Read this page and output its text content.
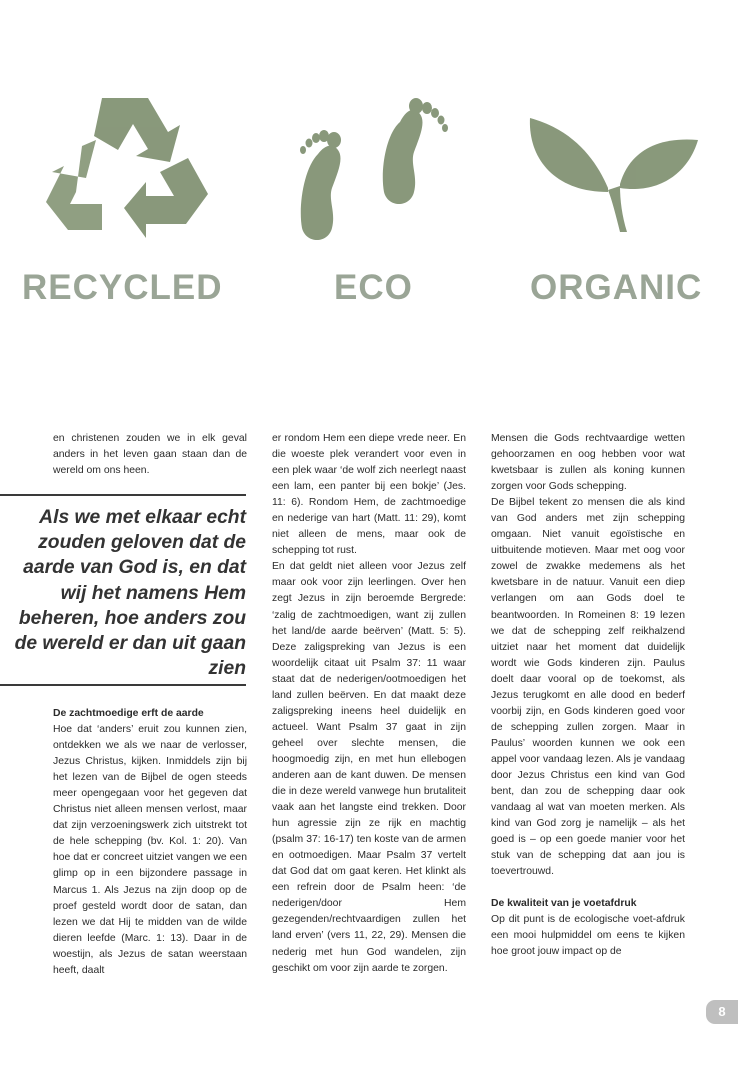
RECYCLED	ECO	ORGANIC

en christenen zouden we in elk geval anders in het leven gaan staan dan de wereld om ons heen.

Als we met elkaar echt zouden geloven dat de aarde van God is, en dat wij het namens Hem beheren, hoe anders zou de wereld er dan uit gaan zien
De zachtmoedige erft de aarde

Hoe dat ‘anders’ eruit zou kunnen zien, ontdekken we als we naar de verlosser, Jezus Christus, kijken. Inmiddels zijn bij het lezen van de Bijbel de ogen steeds meer opengegaan voor het gegeven dat Christus niet alleen mensen verlost, maar dat zijn verzoeningswerk zich uitstrekt tot de hele schepping (bv. Kol. 1: 20). Van hoe dat er concreet uitziet vangen we een glimp op in een bijzondere passage in Marcus 1. Als Jezus na zijn doop op de proef gesteld wordt door de satan, dan lezen we dat Hij te midden van de wilde dieren leefde (Marc. 1: 13). Daar in de woestijn, als Jezus de satan weerstaan heeft, daalt

er rondom Hem een diepe vrede neer. En die woeste plek verandert voor even in een plek waar ‘de wolf zich neerlegt naast een lam, een panter bij een bokje’ (Jes. 11: 6). Rondom Hem, de zachtmoedige en nederige van hart (Matt. 11: 29), komt niet alleen de mens, maar ook de schepping tot rust.

En dat geldt niet alleen voor Jezus zelf maar ook voor zijn leerlingen. Over hen zegt Jezus in zijn beroemde Bergrede: ‘zalig de zachtmoedigen, want zij zullen het land/de aarde beërven’ (Matt. 5: 5). Deze zaligspreking van Jezus is een woordelijk citaat uit Psalm 37: 11 waar staat dat de nederigen/ootmoedigen het land zullen beërven. En dat maakt deze zaligspreking ineens heel duidelijk en actueel. Want Psalm 37 gaat in zijn geheel over slechte mensen, die hoogmoedig zijn, en met hun ellebogen anderen aan de kant duwen. De mensen die in deze wereld vanwege hun brutaliteit vaak aan het langste eind trekken. Door hun agressie zijn ze rijk en machtig (psalm 37: 16-17) ten koste van de armen en ootmoedigen. Maar Psalm 37 vertelt dat God dat om gaat keren. Het klinkt als een refrein door de Psalm heen: ‘de nederigen/door Hem gezegenden/rechtvaardigen zullen het land erven’ (vers 11, 22, 29). Mensen die nederig met hun God wandelen, zijn geschikt om voor zijn aarde te zorgen.

Mensen die Gods rechtvaardige wetten gehoorzamen en oog hebben voor wat kwetsbaar is zullen als koning kunnen zorgen voor Gods schepping.

De Bijbel tekent zo mensen die als kind van God anders met zijn schepping omgaan. Niet vanuit egoïstische en uitbuitende motieven. Maar met oog voor zowel de zwakke medemens als het kwetsbare in de natuur. Vanuit een diep verlangen om aan Gods doel te beantwoorden. In Romeinen 8: 19 lezen we dat de schepping zelf reikhalzend uitziet naar het moment dat duidelijk wordt wie Gods kinderen zijn. Paulus doelt daar vooral op de toekomst, als Jezus terugkomt en alle dood en bederf voorbij zijn, en Gods kinderen goed voor de schepping zullen zorgen. Maar in Paulus’ woorden kunnen we ook een appel voor vandaag lezen. Als je vandaag door Jezus Christus een kind van God bent, dan zou de schepping daar ook vandaag al wat van moeten merken. Als kind van God zorg je namelijk – als het goed is – op een goede manier voor het stuk van de schepping dat aan jou is toevertrouwd.

De kwaliteit van je voetafdruk

Op dit punt is de ecologische voet-afdruk een mooi hulpmiddel om eens te kijken hoe groot jouw impact op de

8
